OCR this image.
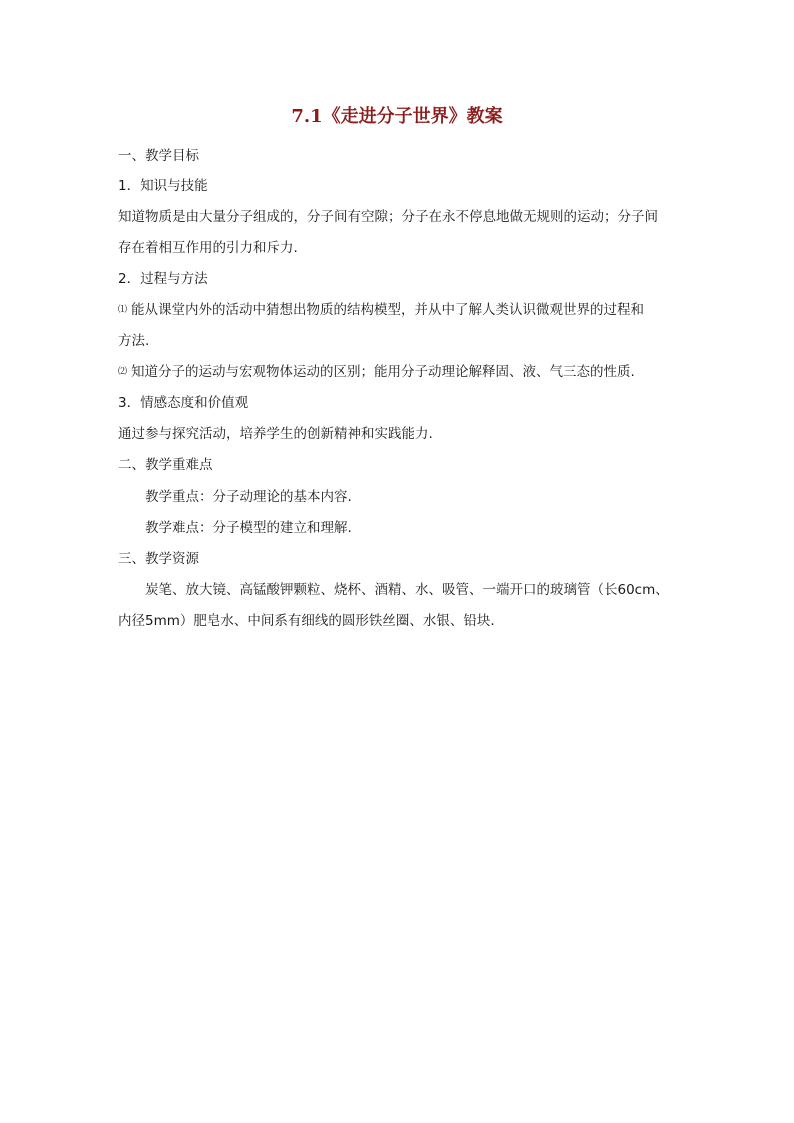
7.1《走进分子世界》教案
一、教学目标
1．知识与技能
知道物质是由大量分子组成的，分子间有空隙；分子在永不停息地做无规则的运动；分子间
存在着相互作用的引力和斥力.
2．过程与方法
⑴ 能从课堂内外的活动中猜想出物质的结构模型，并从中了解人类认识微观世界的过程和
方法.
⑵ 知道分子的运动与宏观物体运动的区别；能用分子动理论解释固、液、气三态的性质.
3．情感态度和价值观
通过参与探究活动，培养学生的创新精神和实践能力.
二、教学重难点
教学重点：分子动理论的基本内容.
教学难点：分子模型的建立和理解.
三、教学资源
炭笔、放大镜、高锰酸钾颗粒、烧杯、酒精、水、吸管、一端开口的玻璃管（长60cm、
内径5mm）肥皂水、中间系有细线的圆形铁丝圈、水银、铅块.
